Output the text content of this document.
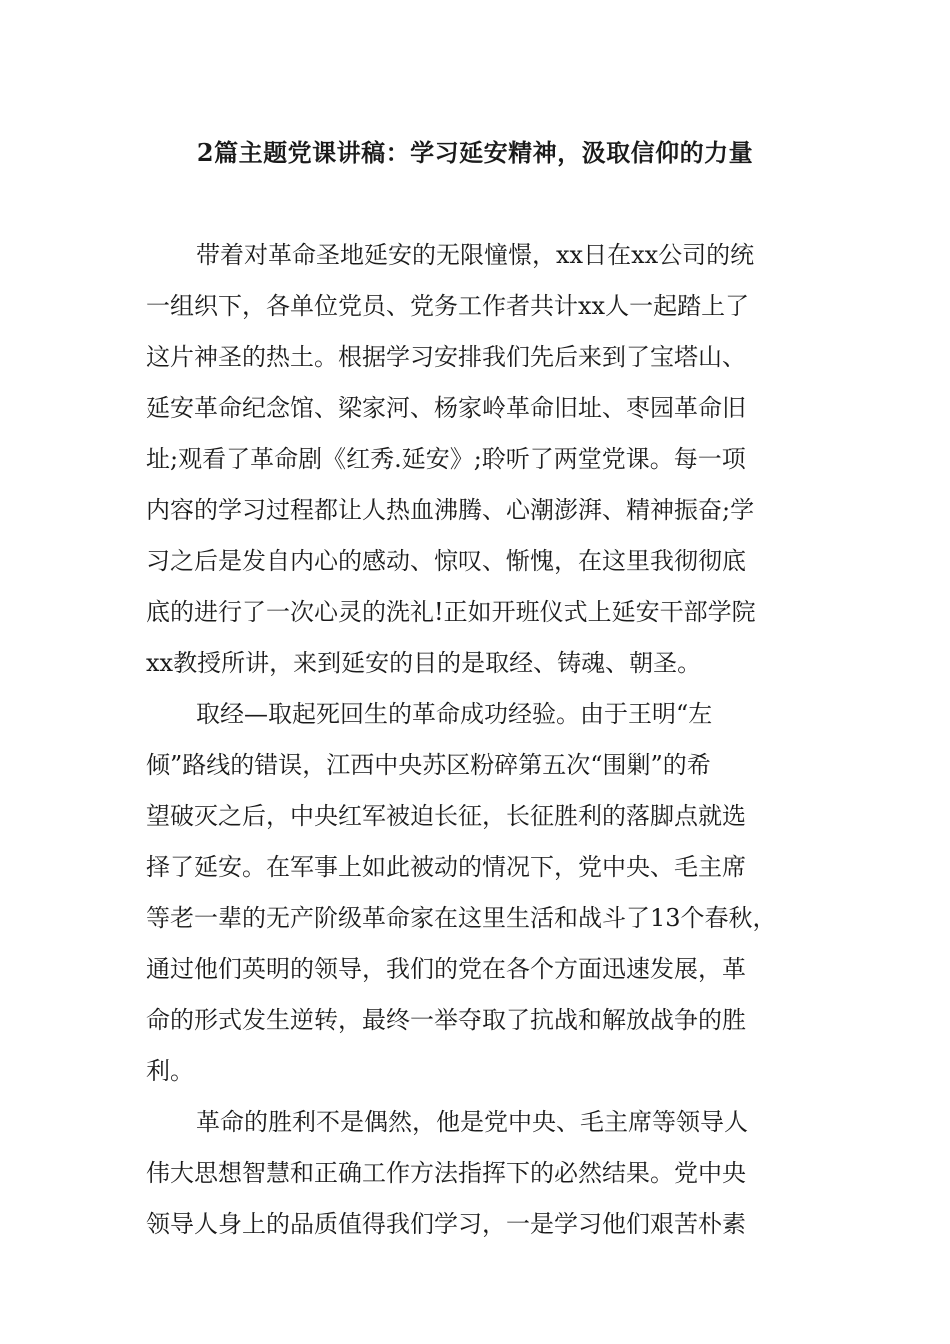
2篇主题党课讲稿：学习延安精神，汲取信仰的力量
带着对革命圣地延安的无限憧憬，xx日在xx公司的统
一组织下，各单位党员、党务工作者共计xx人一起踏上了
这片神圣的热土。根据学习安排我们先后来到了宝塔山、
延安革命纪念馆、梁家河、杨家岭革命旧址、枣园革命旧
址;观看了革命剧《红秀.延安》;聆听了两堂党课。每一项
内容的学习过程都让人热血沸腾、心潮澎湃、精神振奋;学
习之后是发自内心的感动、惊叹、惭愧，在这里我彻彻底
底的进行了一次心灵的洗礼!正如开班仪式上延安干部学院
xx教授所讲，来到延安的目的是取经、铸魂、朝圣。
取经—取起死回生的革命成功经验。由于王明“左
倾”路线的错误，江西中央苏区粉碎第五次“围剿”的希
望破灭之后，中央红军被迫长征，长征胜利的落脚点就选
择了延安。在军事上如此被动的情况下，党中央、毛主席
等老一辈的无产阶级革命家在这里生活和战斗了13个春秋，
通过他们英明的领导，我们的党在各个方面迅速发展，革
命的形式发生逆转，最终一举夺取了抗战和解放战争的胜
利。
革命的胜利不是偶然，他是党中央、毛主席等领导人
伟大思想智慧和正确工作方法指挥下的必然结果。党中央
领导人身上的品质值得我们学习，一是学习他们艰苦朴素
